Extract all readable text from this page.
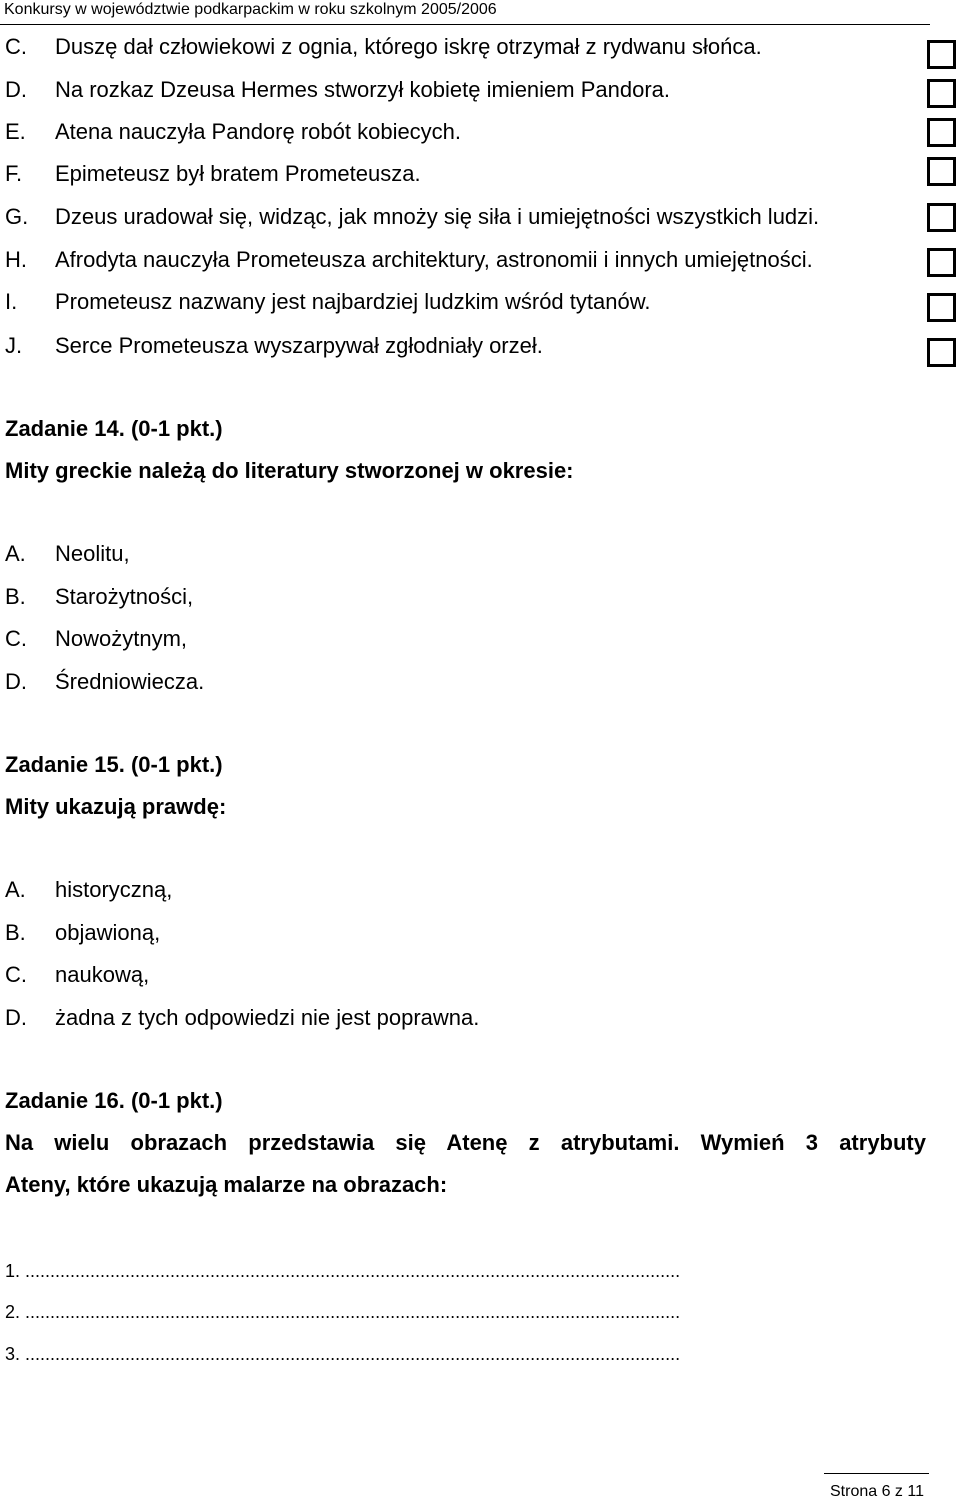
Konkursy w województwie podkarpackim w roku szkolnym 2005/2006
C. Duszę dał człowiekowi z ognia, którego iskrę otrzymał z rydwanu słońca.
D. Na rozkaz Dzeusa Hermes stworzył kobietę imieniem Pandora.
E. Atena nauczyła Pandorę robót kobiecych.
F. Epimeteusz był bratem Prometeusza.
G. Dzeus uradował się, widząc, jak mnoży się siła i umiejętności wszystkich ludzi.
H. Afrodyta nauczyła Prometeusza architektury, astronomii i innych umiejętności.
I. Prometeusz nazwany jest najbardziej ludzkim wśród tytanów.
J. Serce Prometeusza wyszarpywał zgłodniały orzeł.
Zadanie 14. (0-1 pkt.)
Mity greckie należą do literatury stworzonej w okresie:
A. Neolitu,
B. Starożytności,
C. Nowożytnym,
D. Średniowiecza.
Zadanie 15. (0-1 pkt.)
Mity ukazują prawdę:
A. historyczną,
B. objawioną,
C. naukową,
D. żadna z tych odpowiedzi nie jest poprawna.
Zadanie 16. (0-1 pkt.)
Na wielu obrazach przedstawia się Atenę z atrybutami. Wymień 3 atrybuty
Ateny, które ukazują malarze na obrazach:
1. ...................................................................................................................................
2. ...................................................................................................................................
3. ...................................................................................................................................
Strona 6 z 11
